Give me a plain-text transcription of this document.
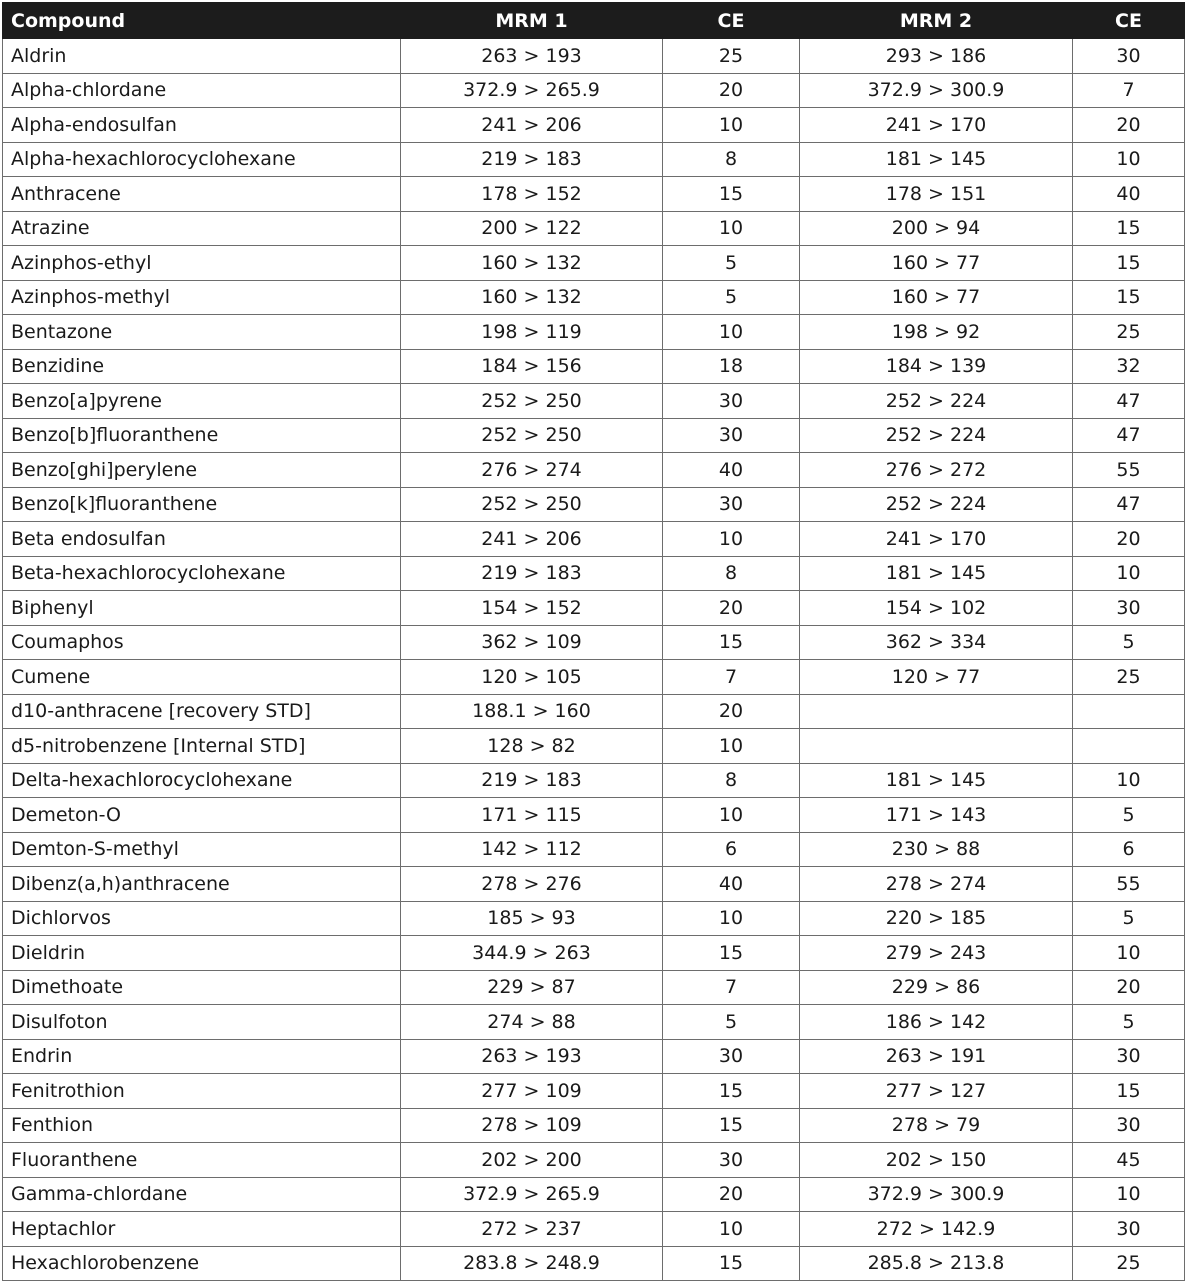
Compound	MRM 1	CE	MRM 2	CE
Aldrin	263 > 193	25	293 > 186	30
Alpha-chlordane	372.9 > 265.9	20	372.9 > 300.9	7
Alpha-endosulfan	241 > 206	10	241 > 170	20
Alpha-hexachlorocyclohexane	219 > 183	8	181 > 145	10
Anthracene	178 > 152	15	178 > 151	40
Atrazine	200 > 122	10	200 > 94	15
Azinphos-ethyl	160 > 132	5	160 > 77	15
Azinphos-methyl	160 > 132	5	160 > 77	15
Bentazone	198 > 119	10	198 > 92	25
Benzidine	184 > 156	18	184 > 139	32
Benzo[a]pyrene	252 > 250	30	252 > 224	47
Benzo[b]fluoranthene	252 > 250	30	252 > 224	47
Benzo[ghi]perylene	276 > 274	40	276 > 272	55
Benzo[k]fluoranthene	252 > 250	30	252 > 224	47
Beta endosulfan	241 > 206	10	241 > 170	20
Beta-hexachlorocyclohexane	219 > 183	8	181 > 145	10
Biphenyl	154 > 152	20	154 > 102	30
Coumaphos	362 > 109	15	362 > 334	5
Cumene	120 > 105	7	120 > 77	25
d10-anthracene [recovery STD]	188.1 > 160	20		
d5-nitrobenzene [Internal STD]	128 > 82	10		
Delta-hexachlorocyclohexane	219 > 183	8	181 > 145	10
Demeton-O	171 > 115	10	171 > 143	5
Demton-S-methyl	142 > 112	6	230 > 88	6
Dibenz(a,h)anthracene	278 > 276	40	278 > 274	55
Dichlorvos	185 > 93	10	220 > 185	5
Dieldrin	344.9 > 263	15	279 > 243	10
Dimethoate	229 > 87	7	229 > 86	20
Disulfoton	274 > 88	5	186 > 142	5
Endrin	263 > 193	30	263 > 191	30
Fenitrothion	277 > 109	15	277 > 127	15
Fenthion	278 > 109	15	278 > 79	30
Fluoranthene	202 > 200	30	202 > 150	45
Gamma-chlordane	372.9 > 265.9	20	372.9 > 300.9	10
Heptachlor	272 > 237	10	272 > 142.9	30
Hexachlorobenzene	283.8 > 248.9	15	285.8 > 213.8	25
